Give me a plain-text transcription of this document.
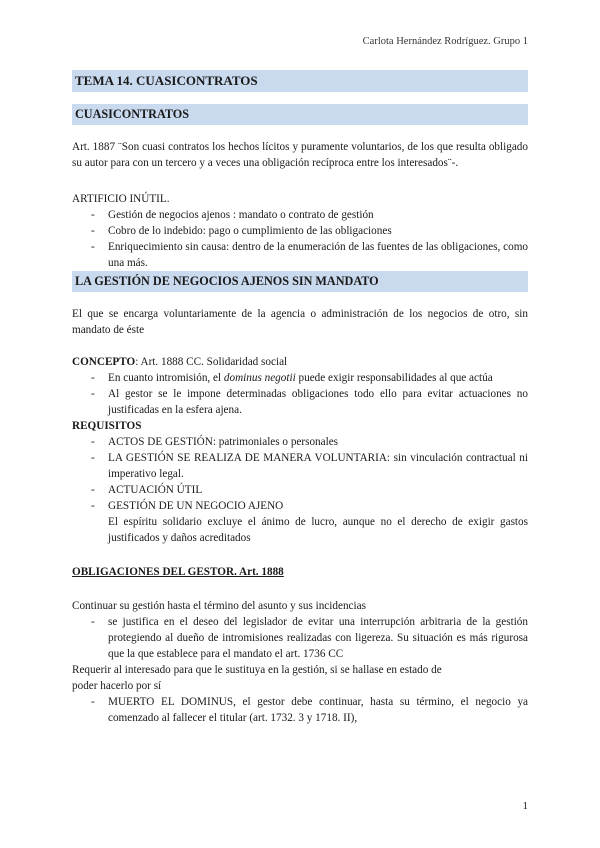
Carlota Hernández Rodríguez. Grupo 1
TEMA 14. CUASICONTRATOS
CUASICONTRATOS

Art. 1887 ¨Son cuasi contratos los hechos lícitos y puramente voluntarios, de los que resulta obligado su autor para con un tercero y a veces una obligación recíproca entre los interesados¨-.

ARTIFICIO INÚTIL.

- Gestión de negocios ajenos : mandato o contrato de gestión
- Cobro de lo indebido: pago o cumplimiento de las obligaciones
- Enriquecimiento sin causa: dentro de la enumeración de las fuentes de las obligaciones, como una más.
LA GESTIÓN DE NEGOCIOS AJENOS SIN MANDATO

El que se encarga voluntariamente de la agencia o administración de los negocios de otro, sin mandato de éste

CONCEPTO: Art. 1888 CC. Solidaridad social

- En cuanto intromisión, el dominus negotii puede exigir responsabilidades al que actúa
- Al gestor se le impone determinadas obligaciones todo ello para evitar actuaciones no justificadas en la esfera ajena.

REQUISITOS

- ACTOS DE GESTIÓN: patrimoniales o personales
- LA GESTIÓN SE REALIZA DE MANERA VOLUNTARIA: sin vinculación contractual ni imperativo legal.
- ACTUACIÓN ÚTIL
- GESTIÓN DE UN NEGOCIO AJENO

El espíritu solidario excluye el ánimo de lucro, aunque no el derecho de exigir gastos justificados y daños acreditados

OBLIGACIONES DEL GESTOR. Art. 1888

Continuar su gestión hasta el término del asunto y sus incidencias

- se justifica en el deseo del legislador de evitar una interrupción arbitraria de la gestión protegiendo al dueño de intromisiones realizadas con ligereza. Su situación es más rigurosa que la que establece para el mandato el art. 1736 CC

Requerir al interesado para que le sustituya en la gestión, si se hallase en estado de

poder hacerlo por sí

- MUERTO EL DOMINUS, el gestor debe continuar, hasta su término, el negocio ya comenzado al fallecer el titular (art. 1732. 3 y 1718. II),
1
